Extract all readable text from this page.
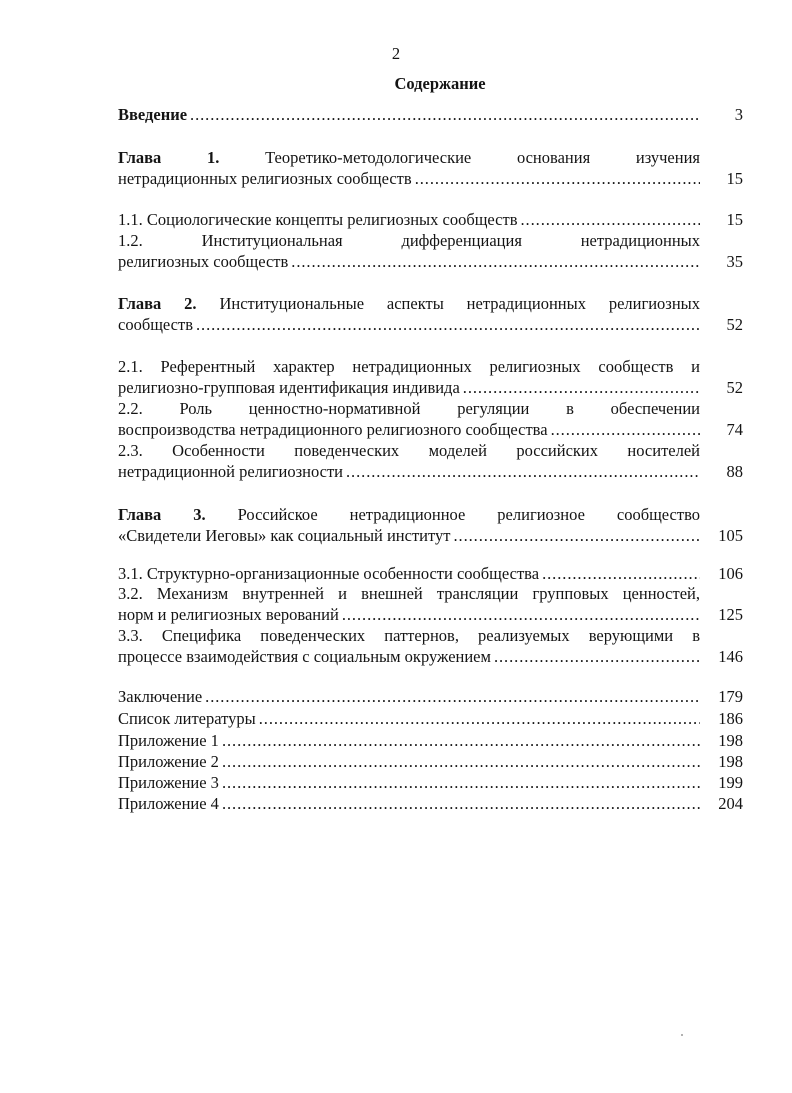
2
Содержание
Введение . . .	3
Глава 1.	Теоретико-методологические основания изучения
нетрадиционных религиозных сообществ . . .	15
1.1. Социологические концепты религиозных сообществ . . .	15
1.2. Институциональная дифференциация нетрадиционных
религиозных сообществ . . .	35
Глава 2. Институциональные аспекты нетрадиционных религиозных
сообществ . . .	52
2.1. Референтный характер нетрадиционных религиозных сообществ и
религиозно-групповая идентификация индивида . . .	52
2.2. Роль ценностно-нормативной регуляции в обеспечении
воспроизводства нетрадиционного религиозного сообщества . . .	74
2.3. Особенности поведенческих моделей российских носителей
нетрадиционной религиозности . . .	88
Глава 3. Российское нетрадиционное религиозное сообщество
«Свидетели Иеговы» как социальный институт . . .	105
3.1. Структурно-организационные особенности сообщества . . .	106
3.2. Механизм внутренней и внешней трансляции групповых ценностей,
норм и религиозных верований . . .	125
3.3. Специфика поведенческих паттернов, реализуемых верующими в
процессе взаимодействия с социальным окружением . . .	146
Заключение . . .	179
Список литературы . . .	186
Приложение 1 . . .	198
Приложение 2 . . .	198
Приложение 3 . . .	199
Приложение 4 . . .	204
